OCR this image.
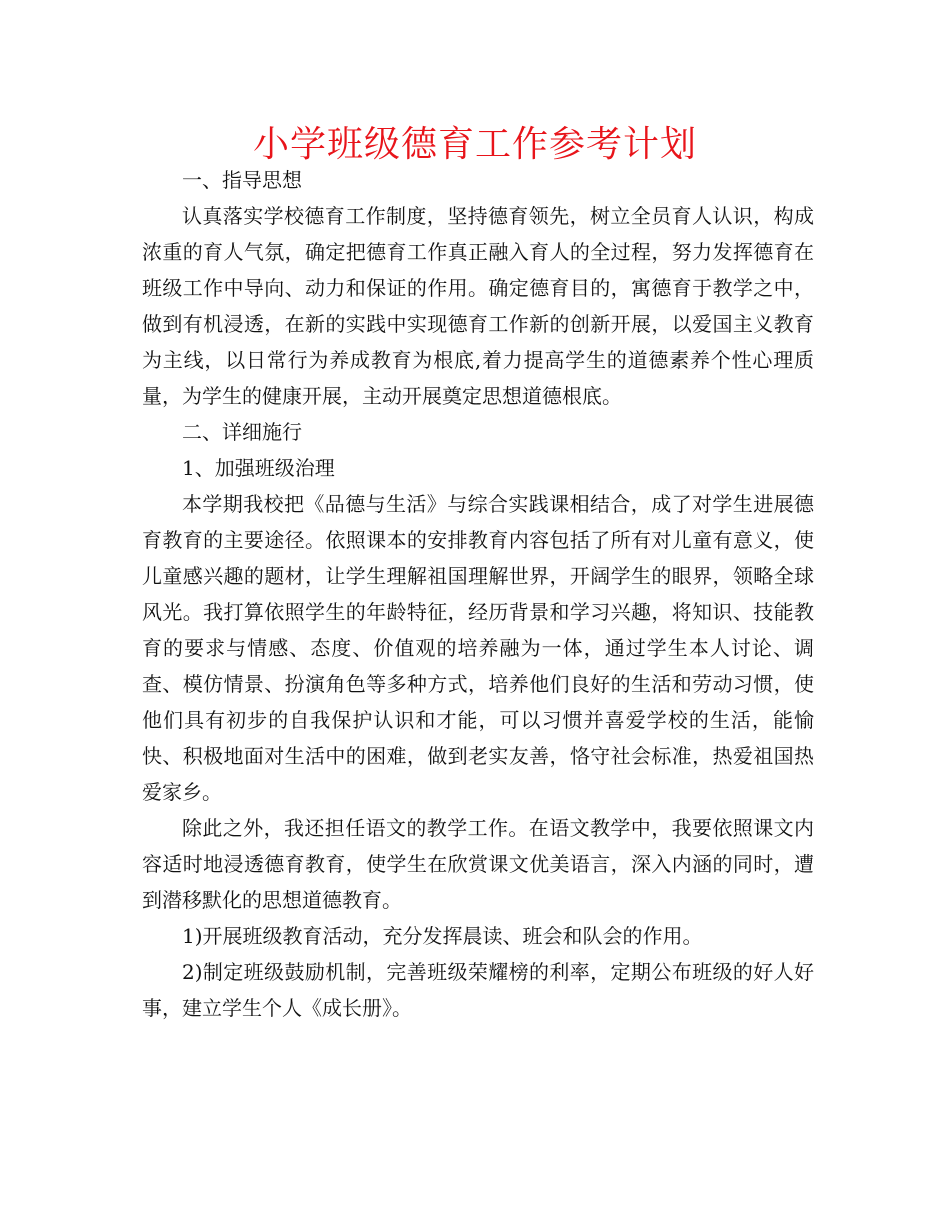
小学班级德育工作参考计划

一、指导思想

认真落实学校德育工作制度，坚持德育领先，树立全员育人认识，构成浓重的育人气氛，确定把德育工作真正融入育人的全过程，努力发挥德育在班级工作中导向、动力和保证的作用。确定德育目的，寓德育于教学之中，做到有机浸透，在新的实践中实现德育工作新的创新开展，以爱国主义教育为主线，以日常行为养成教育为根底,着力提高学生的道德素养个性心理质量，为学生的健康开展，主动开展奠定思想道德根底。

二、详细施行

1、加强班级治理

本学期我校把《品德与生活》与综合实践课相结合，成了对学生进展德育教育的主要途径。依照课本的安排教育内容包括了所有对儿童有意义，使儿童感兴趣的题材，让学生理解祖国理解世界，开阔学生的眼界，领略全球风光。我打算依照学生的年龄特征，经历背景和学习兴趣，将知识、技能教育的要求与情感、态度、价值观的培养融为一体，通过学生本人讨论、调查、模仿情景、扮演角色等多种方式，培养他们良好的生活和劳动习惯，使他们具有初步的自我保护认识和才能，可以习惯并喜爱学校的生活，能愉快、积极地面对生活中的困难，做到老实友善，恪守社会标准，热爱祖国热爱家乡。

除此之外，我还担任语文的教学工作。在语文教学中，我要依照课文内容适时地浸透德育教育，使学生在欣赏课文优美语言，深入内涵的同时，遭到潜移默化的思想道德教育。

1)开展班级教育活动，充分发挥晨读、班会和队会的作用。

2)制定班级鼓励机制，完善班级荣耀榜的利率，定期公布班级的好人好事，建立学生个人《成长册》。
